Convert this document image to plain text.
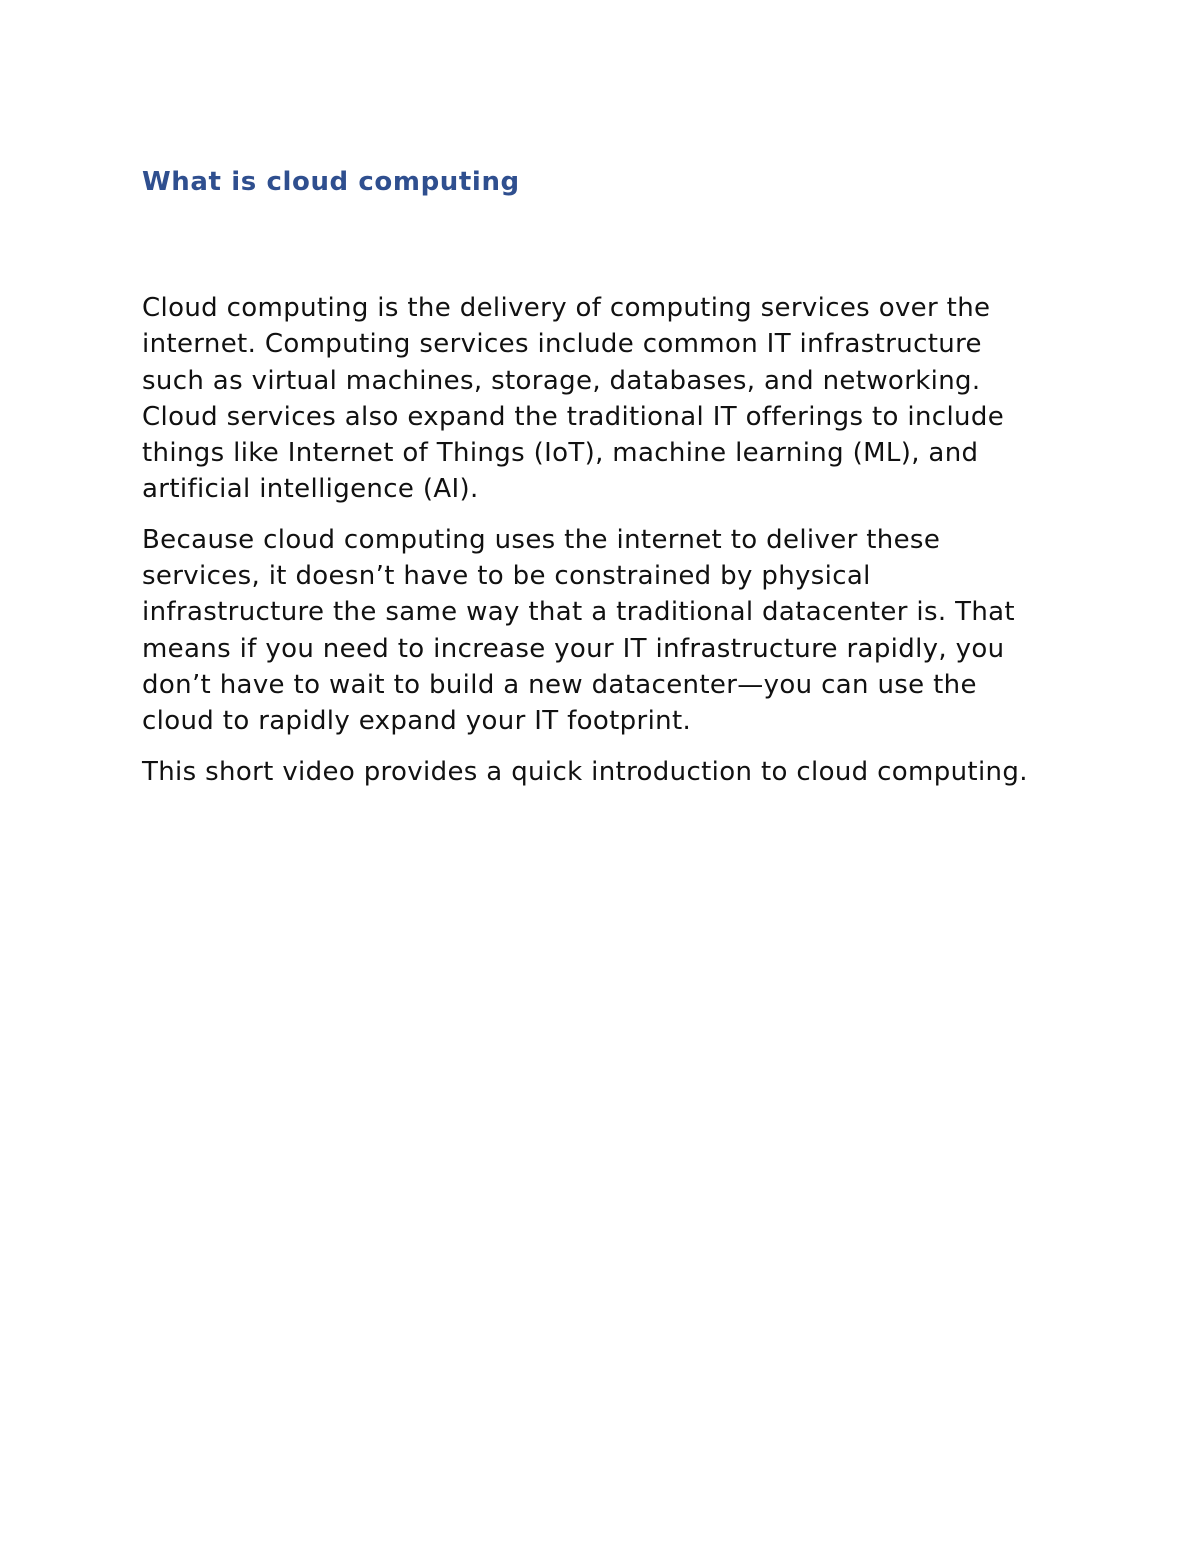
What is cloud computing

Cloud computing is the delivery of computing services over the
internet. Computing services include common IT infrastructure
such as virtual machines, storage, databases, and networking.
Cloud services also expand the traditional IT offerings to include
things like Internet of Things (IoT), machine learning (ML), and
artificial intelligence (AI).

Because cloud computing uses the internet to deliver these
services, it doesn’t have to be constrained by physical
infrastructure the same way that a traditional datacenter is. That
means if you need to increase your IT infrastructure rapidly, you
don’t have to wait to build a new datacenter—you can use the
cloud to rapidly expand your IT footprint.

This short video provides a quick introduction to cloud computing.
